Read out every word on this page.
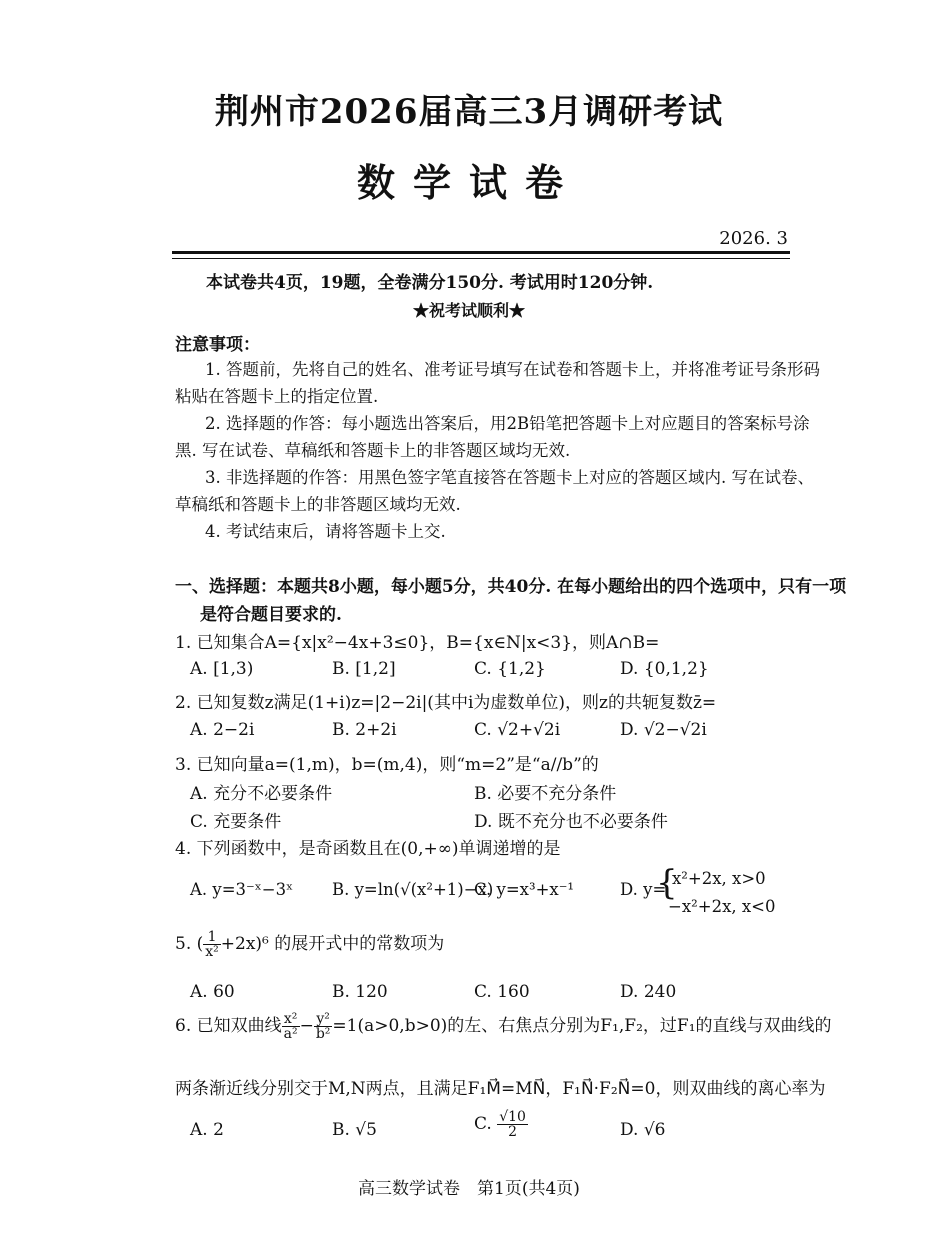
荆州市2026届高三3月调研考试
数学试卷
2026. 3
本试卷共4页，19题，全卷满分150分. 考试用时120分钟.
★祝考试顺利★
注意事项：
1. 答题前，先将自己的姓名、准考证号填写在试卷和答题卡上，并将准考证号条形码
粘贴在答题卡上的指定位置.
2. 选择题的作答：每小题选出答案后，用2B铅笔把答题卡上对应题目的答案标号涂
黑. 写在试卷、草稿纸和答题卡上的非答题区域均无效.
3. 非选择题的作答：用黑色签字笔直接答在答题卡上对应的答题区域内. 写在试卷、
草稿纸和答题卡上的非答题区域均无效.
4. 考试结束后，请将答题卡上交.
一、选择题：本题共8小题，每小题5分，共40分. 在每小题给出的四个选项中，只有一项
是符合题目要求的.
1. 已知集合A={x|x²−4x+3≤0}，B={x∈N|x<3}，则A∩B=
A. [1,3)	B. [1,2]	C. {1,2}	D. {0,1,2}
2. 已知复数z满足(1+i)z=|2−2i|(其中i为虚数单位)，则z的共轭复数z̄=
A. 2−2i	B. 2+2i	C. √2+√2i	D. √2−√2i
3. 已知向量a=(1,m)，b=(m,4)，则“m=2”是“a//b”的
A. 充分不必要条件	B. 必要不充分条件
C. 充要条件	D. 既不充分也不必要条件
4. 下列函数中，是奇函数且在(0,+∞)单调递增的是
A. y=3⁻ˣ−3ˣ B. y=ln(√(x²+1)−x)
C. y=x³+x⁻¹	D. y=
{
x²+2x, x>0
−x²+2x, x<0
5. ( $\frac{1}{\text{x²}} +2x)^6$ 的展开式中的常数项为
A. 60	B. 120	C. 160	D. 240
6. 已知双曲线 $\frac{\text{x²}}{\text{a²}} - \frac{\text{y²}}{\text{b²}} =1(a>0,b>0)$的左、右焦点分别为F₁,F₂，过F₁的直线与双曲线的
两条渐近线分别交于M,N两点，且满足F₁M⃗=MN⃗，F₁N⃗·F₂N⃗=0，则双曲线的离心率为
A. 2	B. √5	C. $\frac{√10}{2}$	D. √6
高三数学试卷　第1页(共4页)
